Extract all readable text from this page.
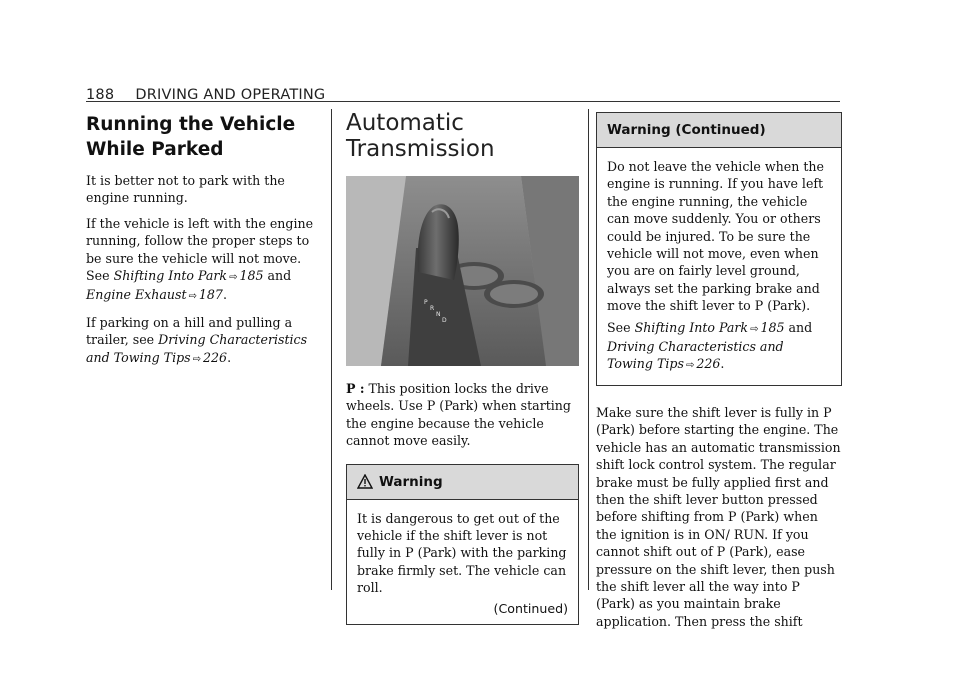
188 DRIVING AND OPERATING
Running the Vehicle While Parked

It is better not to park with the engine running.

If the vehicle is left with the engine running, follow the proper steps to be sure the vehicle will not move.
See Shifting Into Park ⇨ 185 and Engine Exhaust ⇨ 187.

If parking on a hill and pulling a trailer, see Driving Characteristics and Towing Tips ⇨ 226.

Automatic Transmission
P
R
N
D

P : This position locks the drive wheels. Use P (Park) when starting the engine because the vehicle cannot move easily.

Warning

It is dangerous to get out of the vehicle if the shift lever is not fully in P (Park) with the parking brake firmly set. The vehicle can roll.

(Continued)
Warning (Continued)

Do not leave the vehicle when the engine is running. If you have left the engine running, the vehicle can move suddenly. You or others could be injured. To be sure the vehicle will not move, even when you are on fairly level ground, always set the parking brake and move the shift lever to P (Park).

See Shifting Into Park ⇨ 185 and Driving Characteristics and Towing Tips ⇨ 226.

Make sure the shift lever is fully in P (Park) before starting the engine. The vehicle has an automatic transmission shift lock control system. The regular brake must be fully applied first and then the shift lever button pressed before shifting from P (Park) when the ignition is in ON/ RUN. If you cannot shift out of P (Park), ease pressure on the shift lever, then push the shift lever all the way into P (Park) as you maintain brake application. Then press the shift
